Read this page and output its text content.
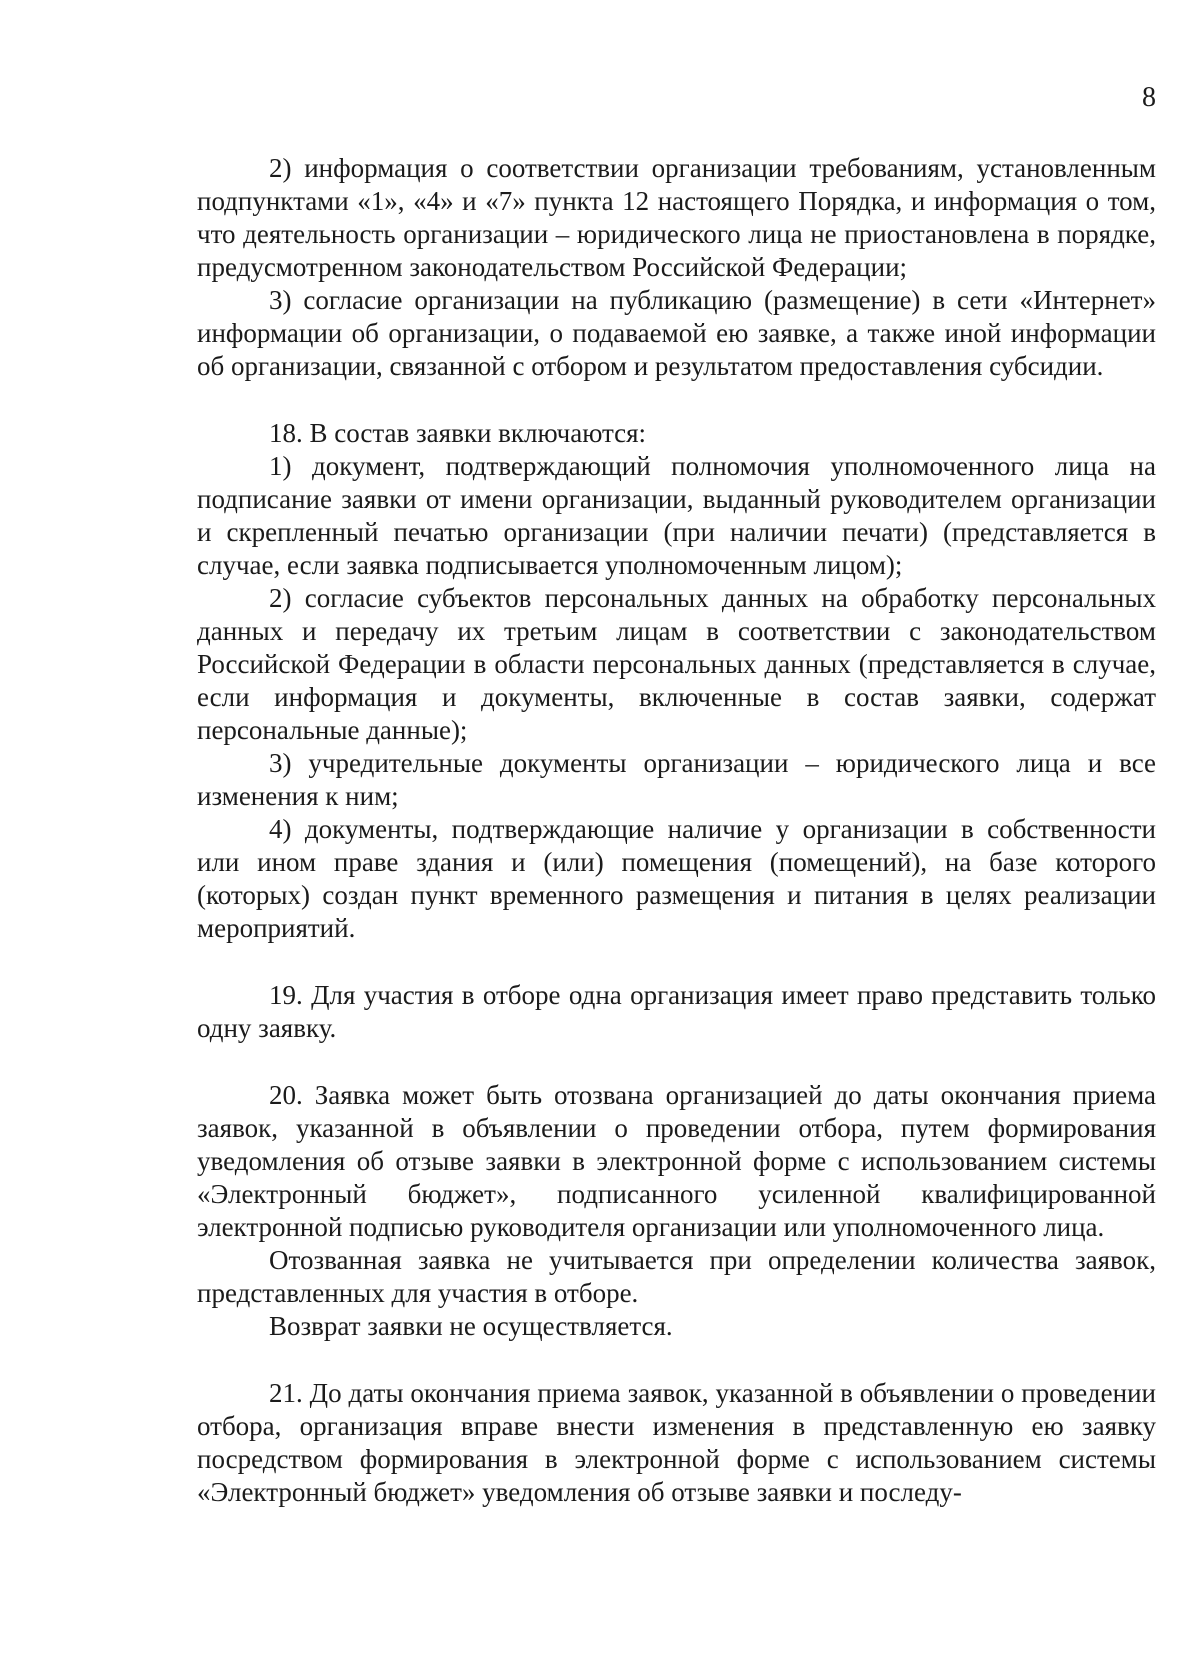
8

2) информация о соответствии организации требованиям, установленным подпунктами «1», «4» и «7» пункта 12 настоящего Порядка, и информация о том, что деятельность организации – юридического лица не приостановлена в порядке, предусмотренном законодательством Российской Федерации;

3) согласие организации на публикацию (размещение) в сети «Интернет» информации об организации, о подаваемой ею заявке, а также иной информации об организации, связанной с отбором и результатом предоставления субсидии.

18. В состав заявки включаются:

1) документ, подтверждающий полномочия уполномоченного лица на подписание заявки от имени организации, выданный руководителем организации и скрепленный печатью организации (при наличии печати) (представляется в случае, если заявка подписывается уполномоченным лицом);

2) согласие субъектов персональных данных на обработку персональных данных и передачу их третьим лицам в соответствии с законодательством Российской Федерации в области персональных данных (представляется в случае, если информация и документы, включенные в состав заявки, содержат персональные данные);

3) учредительные документы организации – юридического лица и все изменения к ним;

4) документы, подтверждающие наличие у организации в собственности или ином праве здания и (или) помещения (помещений), на базе которого (которых) создан пункт временного размещения и питания в целях реализации мероприятий.

19. Для участия в отборе одна организация имеет право представить только одну заявку.

20. Заявка может быть отозвана организацией до даты окончания приема заявок, указанной в объявлении о проведении отбора, путем формирования уведомления об отзыве заявки в электронной форме с использованием системы «Электронный бюджет», подписанного усиленной квалифицированной электронной подписью руководителя организации или уполномоченного лица.

Отозванная заявка не учитывается при определении количества заявок, представленных для участия в отборе.

Возврат заявки не осуществляется.

21. До даты окончания приема заявок, указанной в объявлении о проведении отбора, организация вправе внести изменения в представленную ею заявку посредством формирования в электронной форме с использованием системы «Электронный бюджет» уведомления об отзыве заявки и последу-
